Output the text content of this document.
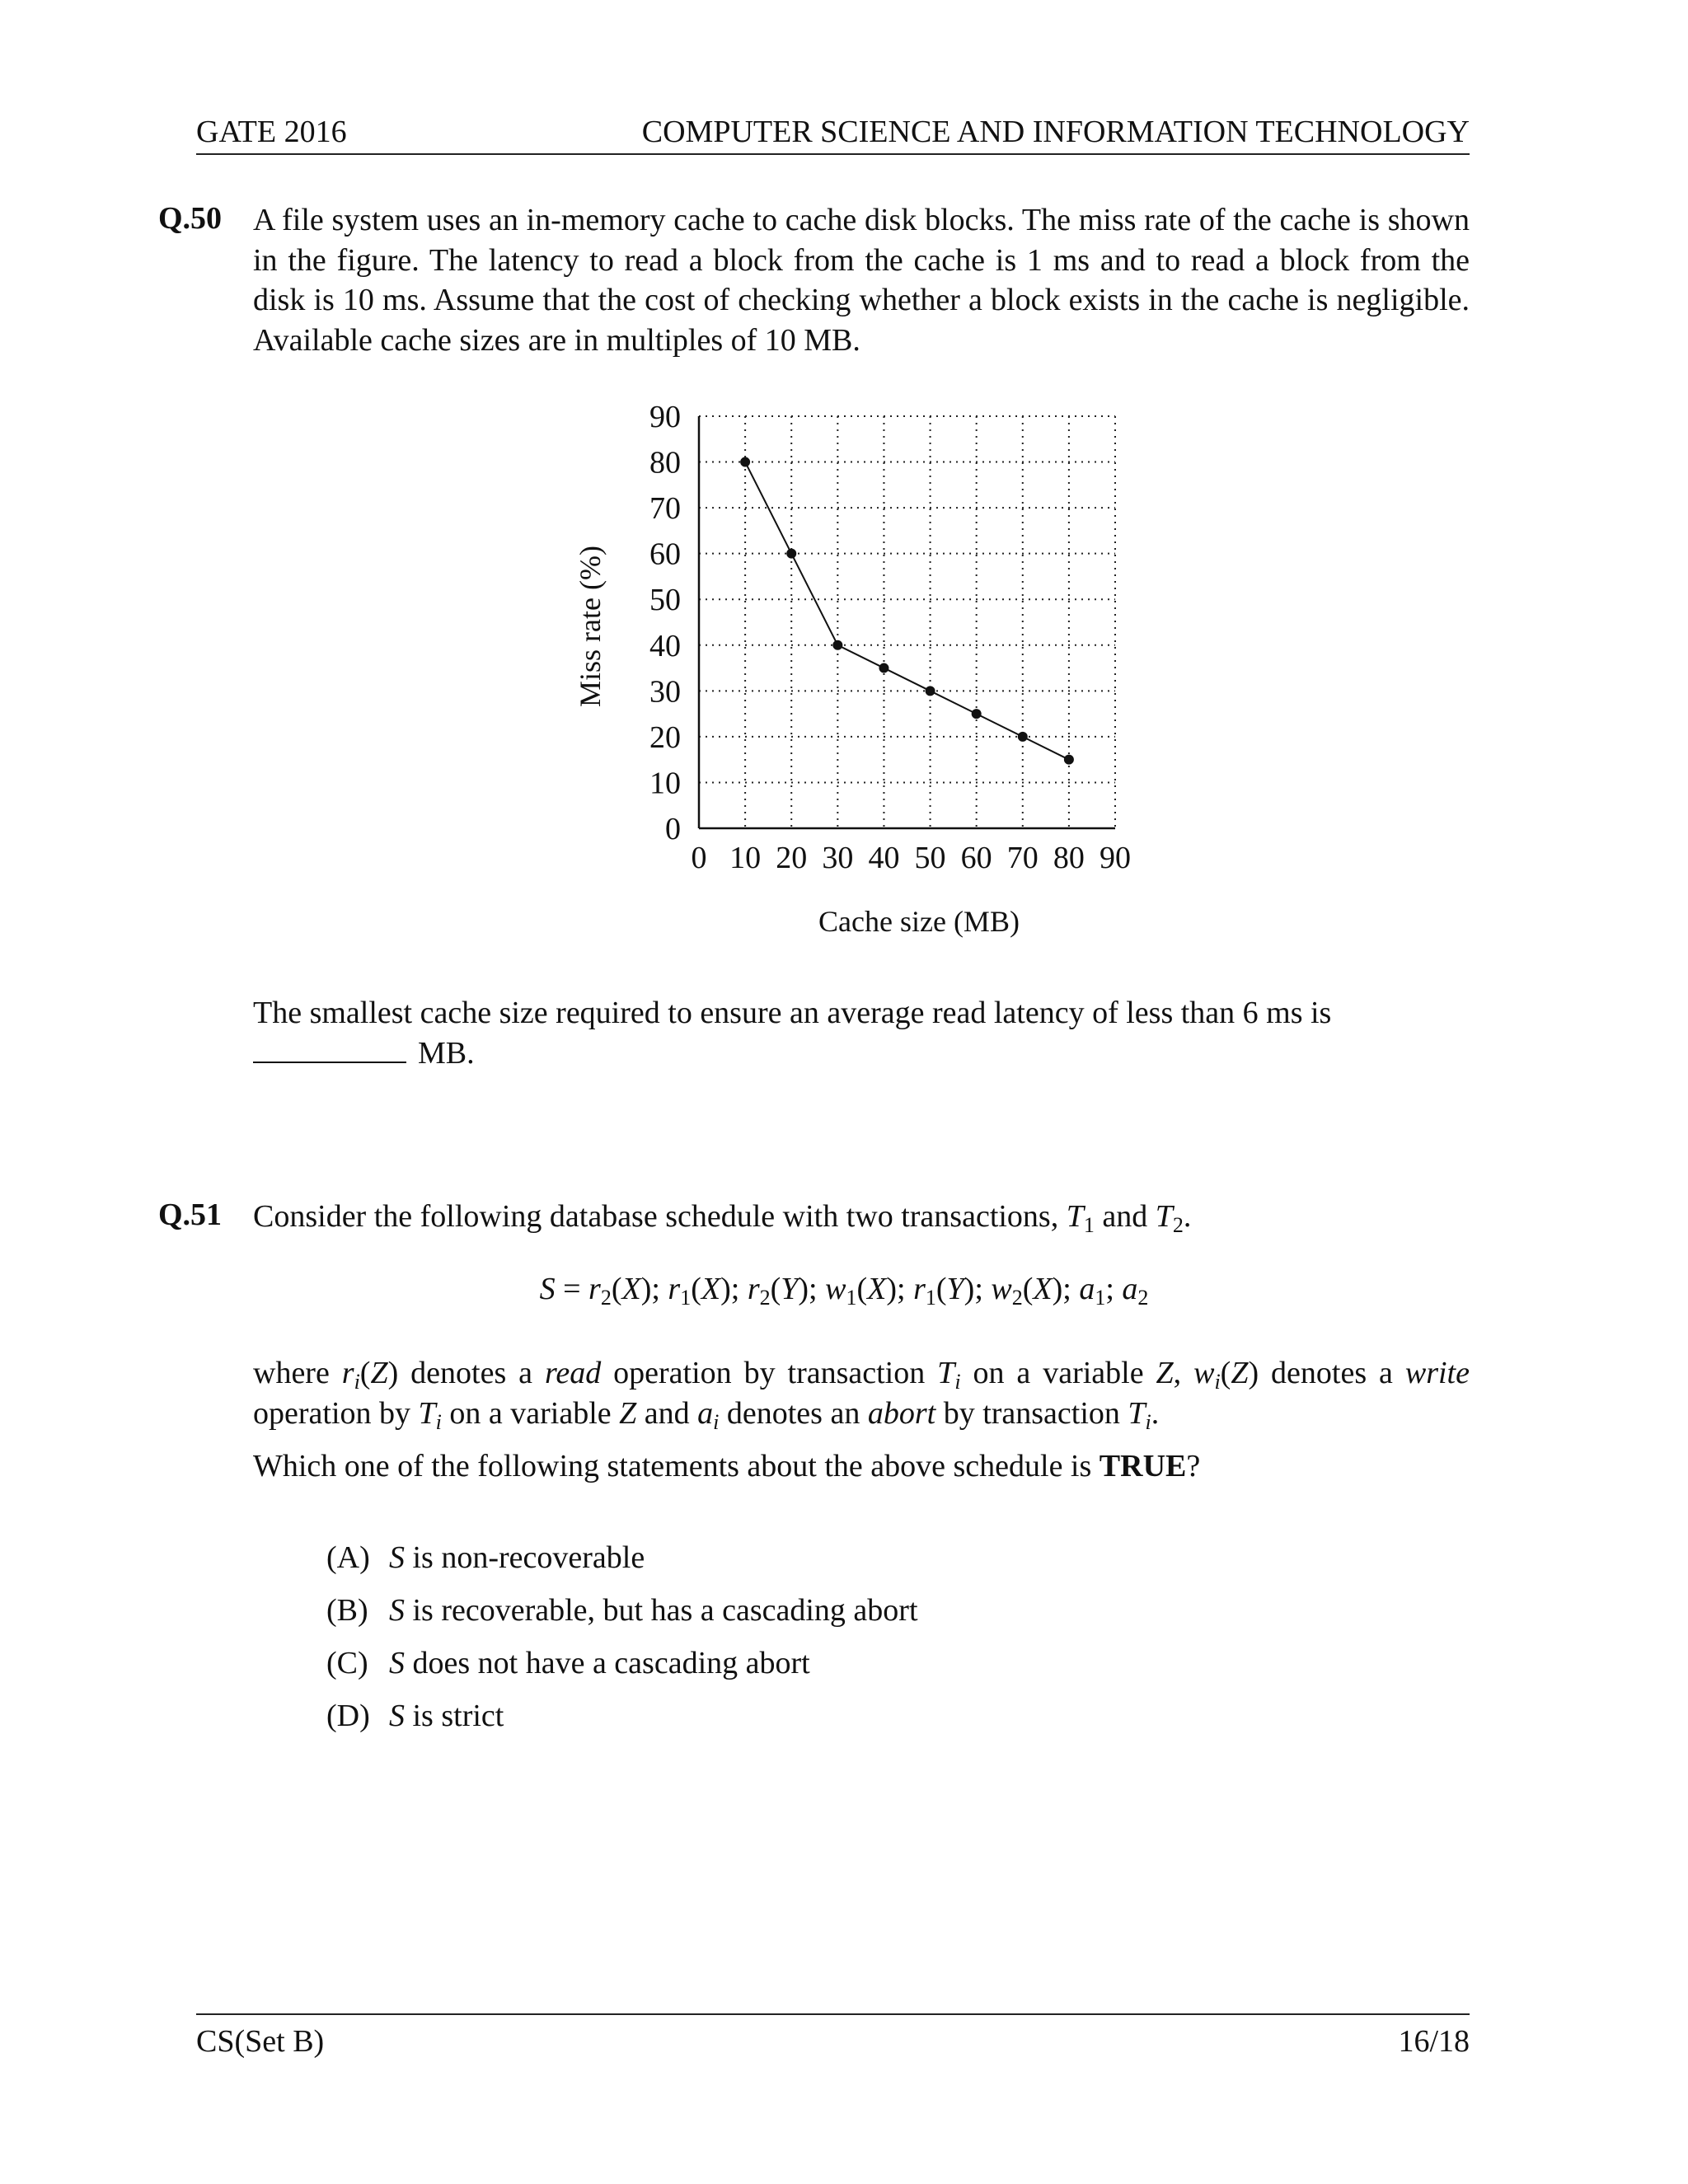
GATE 2016	COMPUTER SCIENCE AND INFORMATION TECHNOLOGY
Q.50 A file system uses an in-memory cache to cache disk blocks. The miss rate of the cache is shown in the figure. The latency to read a block from the cache is 1 ms and to read a block from the disk is 10 ms. Assume that the cost of checking whether a block exists in the cache is negligible. Available cache sizes are in multiples of 10 MB.
0
10
20
30
40
50
60
70
80
90
0 10 20 30 40 50 60 70 80 90
Miss rate (%)
Cache size (MB)
The smallest cache size required to ensure an average read latency of less than 6 ms is
MB.
Q.51 Consider the following database schedule with two transactions, $T_1$ and $T_2$.
$S = r_2(X)$; $r_1(X)$; $r_2(Y)$; $w_1(X)$; $r_1(Y)$; $w_2(X)$; $a_1$; $a_2$
where $r_i(Z)$ denotes a read operation by transaction $T_i$ on a variable Z, $w_i(Z)$ denotes a write operation by $T_i$ on a variable Z and $a_i$ denotes an abort by transaction $T_i$.
Which one of the following statements about the above schedule is TRUE?
(A) S is non-recoverable
(B) S is recoverable, but has a cascading abort
(C) S does not have a cascading abort
(D) S is strict
CS(Set B)	16/18
